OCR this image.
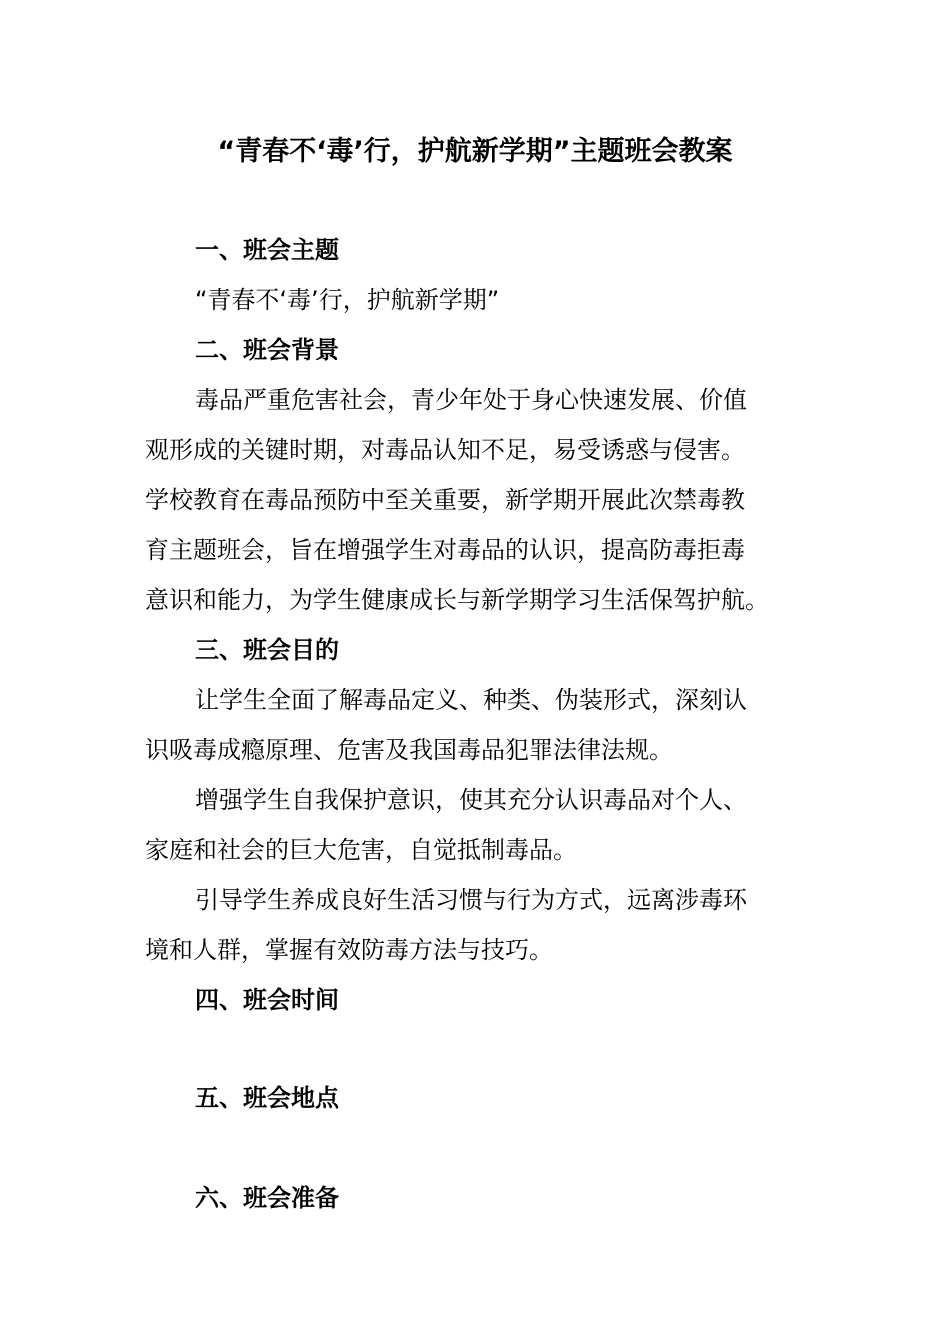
“青春不‘毒’行，护航新学期”主题班会教案
一、班会主题
“青春不‘毒’行，护航新学期”
二、班会背景
毒品严重危害社会，青少年处于身心快速发展、价值
观形成的关键时期，对毒品认知不足，易受诱惑与侵害。
学校教育在毒品预防中至关重要，新学期开展此次禁毒教
育主题班会，旨在增强学生对毒品的认识，提高防毒拒毒
意识和能力，为学生健康成长与新学期学习生活保驾护航。
三、班会目的
让学生全面了解毒品定义、种类、伪装形式，深刻认
识吸毒成瘾原理、危害及我国毒品犯罪法律法规。
增强学生自我保护意识，使其充分认识毒品对个人、
家庭和社会的巨大危害，自觉抵制毒品。
引导学生养成良好生活习惯与行为方式，远离涉毒环
境和人群，掌握有效防毒方法与技巧。
四、班会时间
五、班会地点
六、班会准备
